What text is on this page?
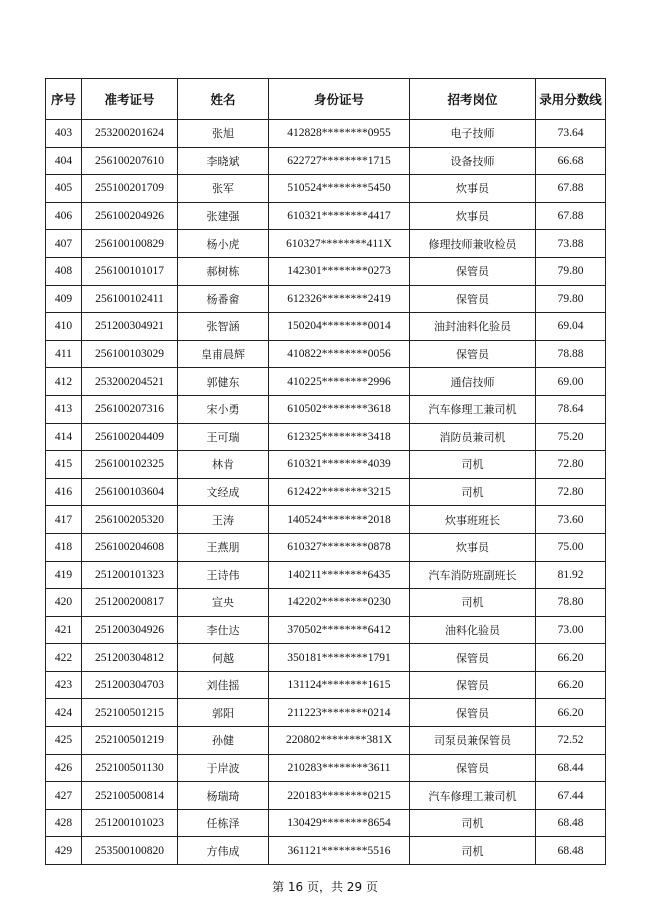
序号	准考证号	姓名	身份证号	招考岗位	录用分数线
403	253200201624	张旭	412828********0955	电子技师	73.64
404	256100207610	李晓斌	622727********1715	设备技师	66.68
405	255100201709	张军	510524********5450	炊事员	67.88
406	256100204926	张建强	610321********4417	炊事员	67.88
407	256100100829	杨小虎	610327********411X	修理技师兼收检员	73.88
408	256100101017	郝树栋	142301********0273	保管员	79.80
409	256100102411	杨番畲	612326********2419	保管员	79.80
410	251200304921	张智涵	150204********0014	油封油料化验员	69.04
411	256100103029	皇甫晨辉	410822********0056	保管员	78.88
412	253200204521	郭健东	410225********2996	通信技师	69.00
413	256100207316	宋小勇	610502********3618	汽车修理工兼司机	78.64
414	256100204409	王可瑞	612325********3418	消防员兼司机	75.20
415	256100102325	林肯	610321********4039	司机	72.80
416	256100103604	文经成	612422********3215	司机	72.80
417	256100205320	王涛	140524********2018	炊事班班长	73.60
418	256100204608	王燕朋	610327********0878	炊事员	75.00
419	251200101323	王诗伟	140211********6435	汽车消防班副班长	81.92
420	251200200817	宣央	142202********0230	司机	78.80
421	251200304926	李仕达	370502********6412	油料化验员	73.00
422	251200304812	何越	350181********1791	保管员	66.20
423	251200304703	刘佳摇	131124********1615	保管员	66.20
424	252100501215	郭阳	211223********0214	保管员	66.20
425	252100501219	孙健	220802********381X	司泵员兼保管员	72.52
426	252100501130	于岸波	210283********3611	保管员	68.44
427	252100500814	杨瑞琦	220183********0215	汽车修理工兼司机	67.44
428	251200101023	任栋泽	130429********8654	司机	68.48
429	253500100820	方伟成	361121********5516	司机	68.48
第 16 页，共 29 页
